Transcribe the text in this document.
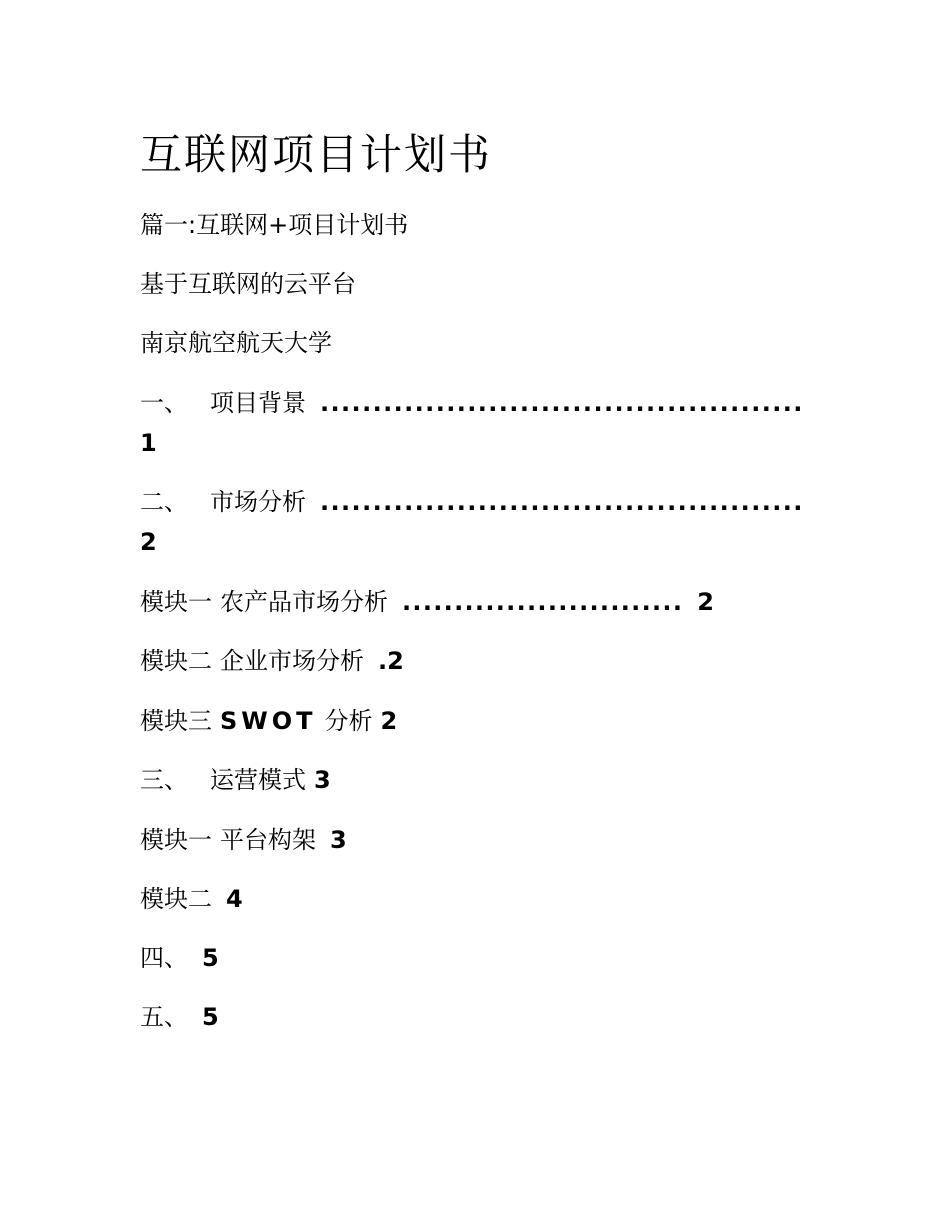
互联网项目计划书
篇一:互联网+项目计划书
基于互联网的云平台
南京航空航天大学
一、 项目背景 ..............................................
1
二、 市场分析 ..............................................
2
模块一 农产品市场分析 ........................... 2
模块二 企业市场分析 .2
模块三 SWOT 分析 2
三、 运营模式 3
模块一 平台构架 3
模块二 4
四、 5
五、 5
